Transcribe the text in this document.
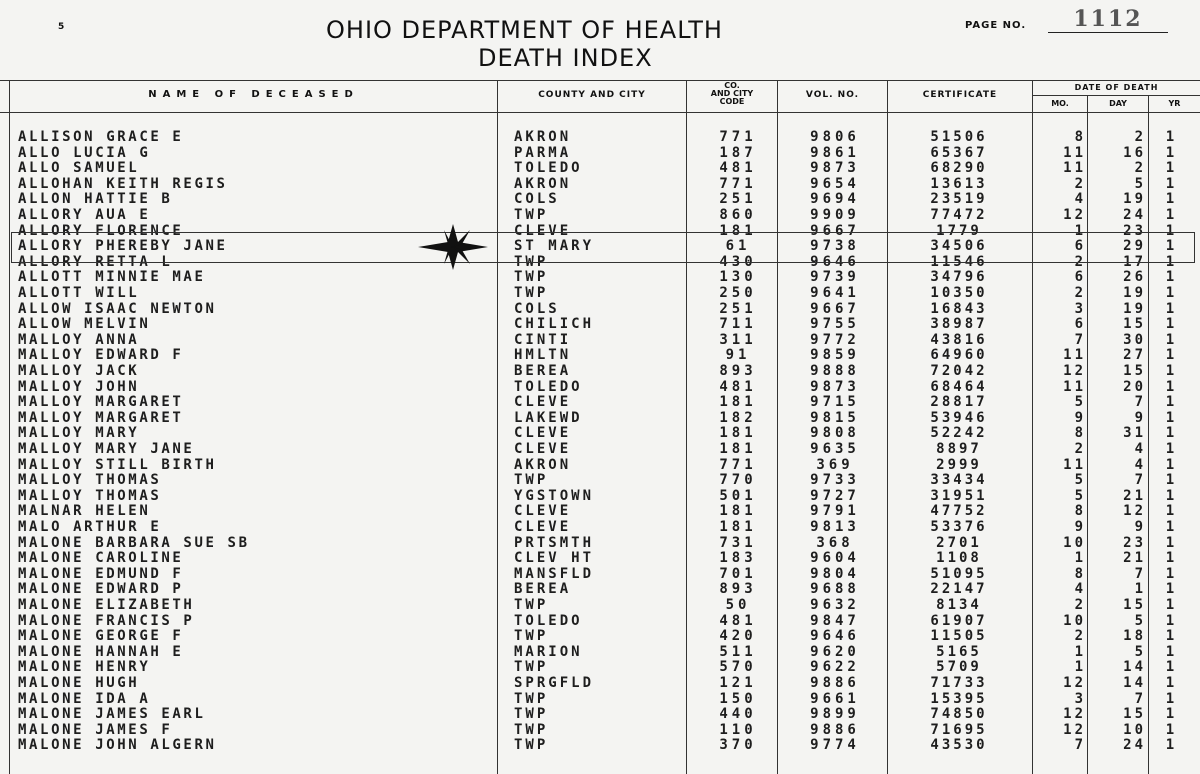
5	OHIO DEPARTMENT OF HEALTH
DEATH INDEX
PAGE NO.	1112
NAME OF DECEASED	COUNTY AND CITY
CO.
AND CITY
CODE
VOL. NO.	CERTIFICATE
DATE OF DEATH
MO.	DAY	YR
ALLISON GRACE E	AKRON	771	9806	51506	8	2	1
ALLO LUCIA G	PARMA	187	9861	65367	11	16	1
ALLO SAMUEL	TOLEDO	481	9873	68290	11	2	1
ALLOHAN KEITH REGIS	AKRON	771	9654	13613	2	5	1
ALLON HATTIE B	COLS	251	9694	23519	4	19	1
ALLORY AUA E	TWP	860	9909	77472	12	24	1
ALLORY FLORENCE	CLEVE	181	9667	1779	1	23	1
ALLORY PHEREBY JANE	ST MARY	61	9738	34506	6	29	1
ALLORY RETTA L	TWP	430	9646	11546	2	17	1
ALLOTT MINNIE MAE	TWP	130	9739	34796	6	26	1
ALLOTT WILL	TWP	250	9641	10350	2	19	1
ALLOW ISAAC NEWTON	COLS	251	9667	16843	3	19	1
ALLOW MELVIN	CHILICH	711	9755	38987	6	15	1
MALLOY ANNA	CINTI	311	9772	43816	7	30	1
MALLOY EDWARD F	HMLTN	91	9859	64960	11	27	1
MALLOY JACK	BEREA	893	9888	72042	12	15	1
MALLOY JOHN	TOLEDO	481	9873	68464	11	20	1
MALLOY MARGARET	CLEVE	181	9715	28817	5	7	1
MALLOY MARGARET	LAKEWD	182	9815	53946	9	9	1
MALLOY MARY	CLEVE	181	9808	52242	8	31	1
MALLOY MARY JANE	CLEVE	181	9635	8897	2	4	1
MALLOY STILL BIRTH	AKRON	771	369	2999	11	4	1
MALLOY THOMAS	TWP	770	9733	33434	5	7	1
MALLOY THOMAS	YGSTOWN	501	9727	31951	5	21	1
MALNAR HELEN	CLEVE	181	9791	47752	8	12	1
MALO ARTHUR E	CLEVE	181	9813	53376	9	9	1
MALONE BARBARA SUE SB	PRTSMTH	731	368	2701	10	23	1
MALONE CAROLINE	CLEV HT	183	9604	1108	1	21	1
MALONE EDMUND F	MANSFLD	701	9804	51095	8	7	1
MALONE EDWARD P	BEREA	893	9688	22147	4	1	1
MALONE ELIZABETH	TWP	50	9632	8134	2	15	1
MALONE FRANCIS P	TOLEDO	481	9847	61907	10	5	1
MALONE GEORGE F	TWP	420	9646	11505	2	18	1
MALONE HANNAH E	MARION	511	9620	5165	1	5	1
MALONE HENRY	TWP	570	9622	5709	1	14	1
MALONE HUGH	SPRGFLD	121	9886	71733	12	14	1
MALONE IDA A	TWP	150	9661	15395	3	7	1
MALONE JAMES EARL	TWP	440	9899	74850	12	15	1
MALONE JAMES F	TWP	110	9886	71695	12	10	1
MALONE JOHN ALGERN	TWP	370	9774	43530	7	24	1
